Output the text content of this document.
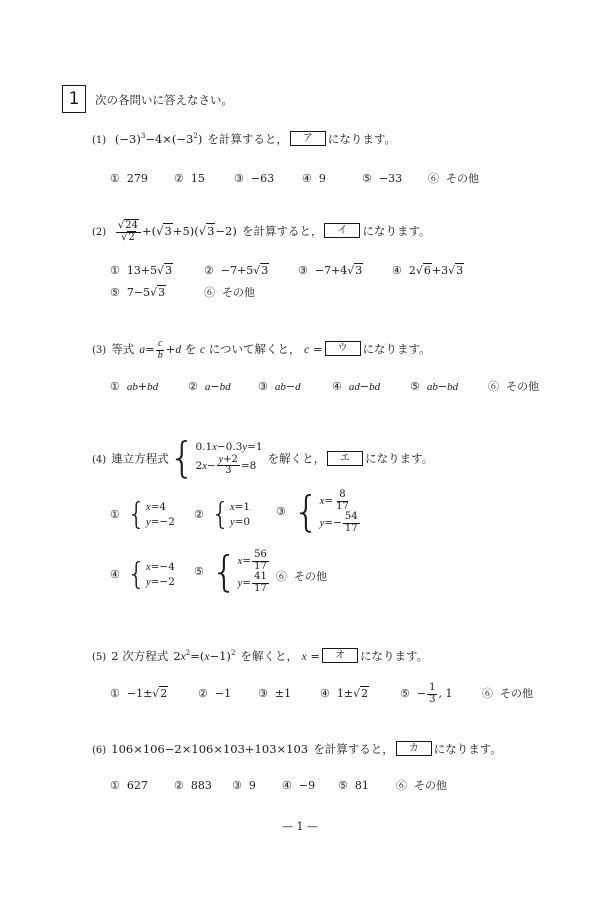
1	次の各問いに答えなさい。
(1)  $(-3)^3-4\times(-3^2)$ を計算すると， ア になります。
① 279 ② 15	③ −63	④ 9	⑤ −33 ⑥ その他
$(2) \frac{√24}{√2} +(√3+5)(√3-2)$ を計算すると， イ になります。
①  13+5√3	②  −7+5√3	③  −7+4√3	④  2√6+3√3
⑤  7−5√3	⑥ その他
(3) 等式 $a= \frac{c}{b} +d$ を c について解くと， c = ウ になります。
①  ab+bd	②  a−bd ③  ab−d	④  ad−bd	⑤  ab−bd	⑥ その他
(4) 連立方程式{ 0.1x−0.3y=1
$2x- \frac{y+2}{3} =8$ を解くと， エ になります。
①  { x=4
y=−2
②  { x=1
y=0
③  { $x= \frac{8}{17}$
$y=- \frac{54}{17}$
④  { x=−4
y=−2
⑤  { $x= \frac{56}{17}$
$y= \frac{41}{17}$ ⑥ その他
(5) 2 次方程式 $2x^2=(x-1)^2$ を解くと， x = オ になります。
①  −1±√2	②  −1 ③  ±1	④  1±√2	⑤  − $\frac{1}{3}$ , 1	⑥ その他
(6) 106×106−2×106×103+103×103 を計算すると， カ になります。
① 627 ② 883 ③ 9 ④ −9 ⑤ 81 ⑥ その他
— 1 —
